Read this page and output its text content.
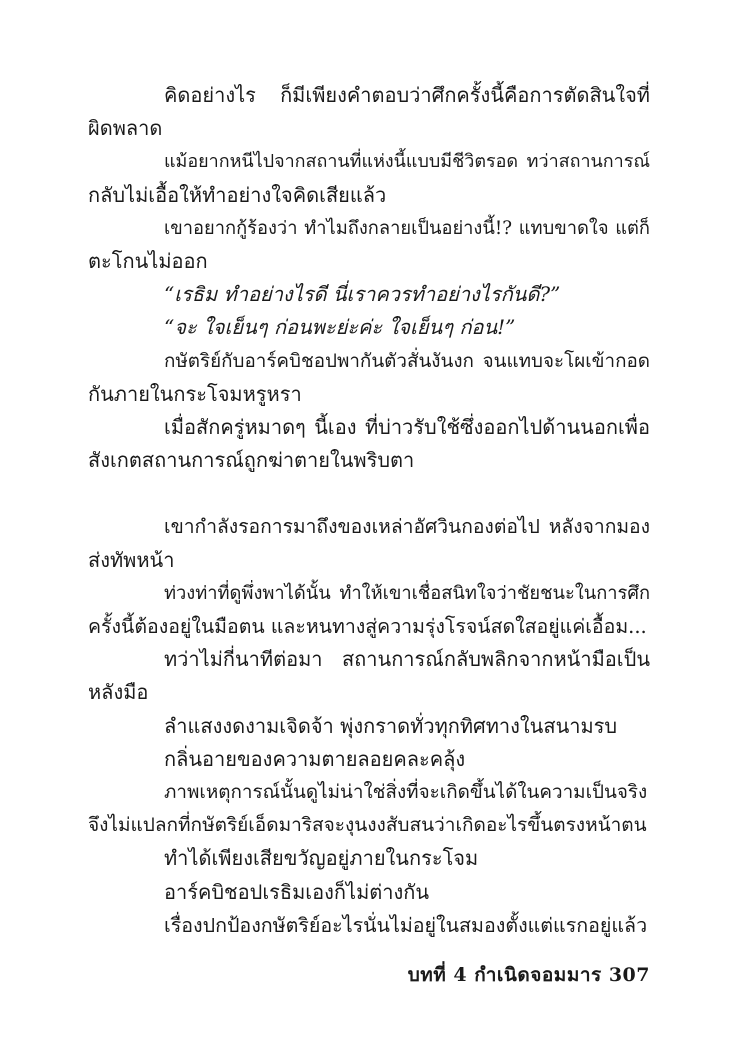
คิดอย่างไร ก็มีเพียงคำตอบว่าศึกครั้งนี้คือการตัดสินใจที่
ผิดพลาด
แม้อยากหนีไปจากสถานที่แห่งนี้แบบมีชีวิตรอด ทว่าสถานการณ์
กลับไม่เอื้อให้ทำอย่างใจคิดเสียแล้ว
เขาอยากกู้ร้องว่า ทำไมถึงกลายเป็นอย่างนี้!? แทบขาดใจ แต่ก็
ตะโกนไม่ออก
“เรธิม ทำอย่างไรดี นี่เราควรทำอย่างไรกันดี?”
“จะ ใจเย็นๆ ก่อนพะย่ะค่ะ ใจเย็นๆ ก่อน!”
กษัตริย์กับอาร์คบิชอปพากันตัวสั่นงันงก จนแทบจะโผเข้ากอด
กันภายในกระโจมหรูหรา
เมื่อสักครู่หมาดๆ นี้เอง ที่บ่าวรับใช้ซึ่งออกไปด้านนอกเพื่อ
สังเกตสถานการณ์ถูกฆ่าตายในพริบตา
เขากำลังรอการมาถึงของเหล่าอัศวินกองต่อไป หลังจากมอง
ส่งทัพหน้า
ท่วงท่าที่ดูพึ่งพาได้นั้น ทำให้เขาเชื่อสนิทใจว่าชัยชนะในการศึก
ครั้งนี้ต้องอยู่ในมือตน และหนทางสู่ความรุ่งโรจน์สดใสอยู่แค่เอื้อม...
ทว่าไม่กี่นาทีต่อมา สถานการณ์กลับพลิกจากหน้ามือเป็น
หลังมือ
ลำแสงงดงามเจิดจ้า พุ่งกราดทั่วทุกทิศทางในสนามรบ
กลิ่นอายของความตายลอยคละคลุ้ง
ภาพเหตุการณ์นั้นดูไม่น่าใช่สิ่งที่จะเกิดขึ้นได้ในความเป็นจริง
จึงไม่แปลกที่กษัตริย์เอ็ดมาริสจะงุนงงสับสนว่าเกิดอะไรขึ้นตรงหน้าตน
ทำได้เพียงเสียขวัญอยู่ภายในกระโจม
อาร์คบิชอปเรธิมเองก็ไม่ต่างกัน
เรื่องปกป้องกษัตริย์อะไรนั่นไม่อยู่ในสมองตั้งแต่แรกอยู่แล้ว
บทที่ 4 กำเนิดจอมมาร 307
